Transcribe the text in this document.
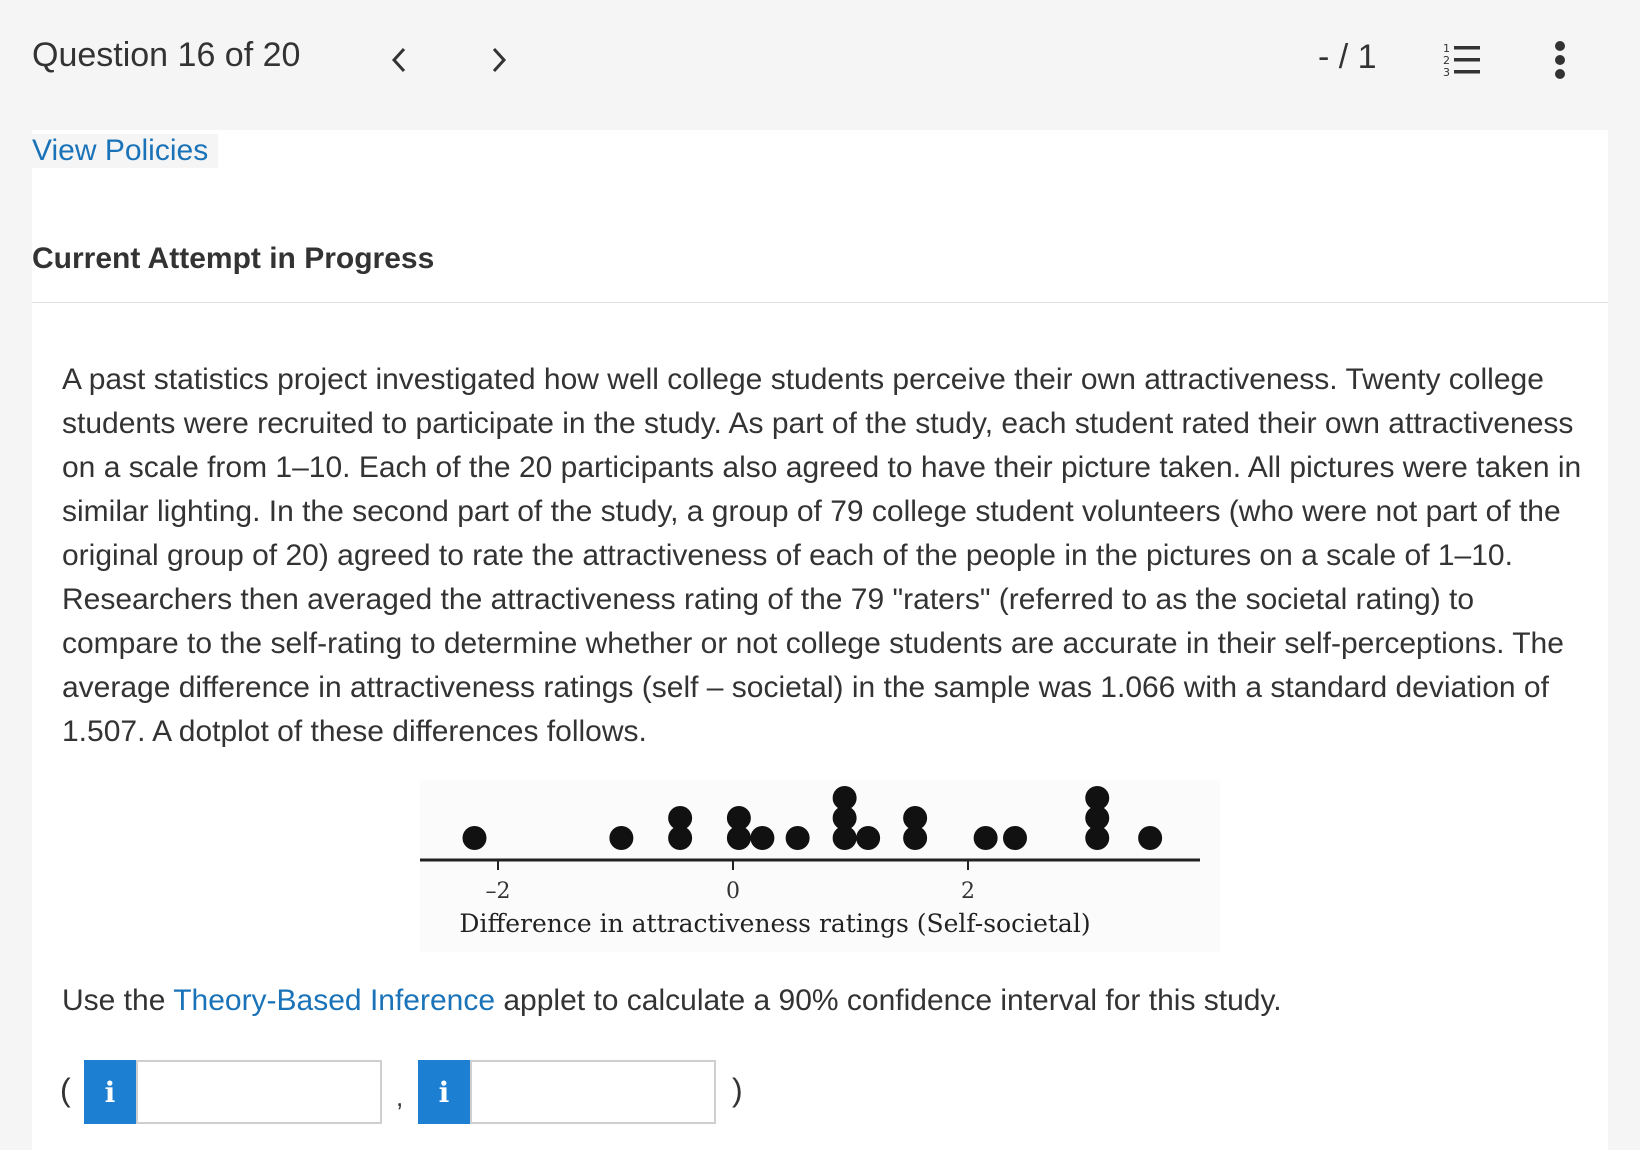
Question 16 of 20	- / 1	1
2
3
View Policies
Current Attempt in Progress
A past statistics project investigated how well college students perceive their own attractiveness. Twenty college students were recruited to participate in the study. As part of the study, each student rated their own attractiveness on a scale from 1–10. Each of the 20 participants also agreed to have their picture taken. All pictures were taken in similar lighting. In the second part of the study, a group of 79 college student volunteers (who were not part of the original group of 20) agreed to rate the attractiveness of each of the people in the pictures on a scale of 1–10. Researchers then averaged the attractiveness rating of the 79 "raters" (referred to as the societal rating) to compare to the self-rating to determine whether or not college students are accurate in their self-perceptions. The average difference in attractiveness ratings (self – societal) in the sample was 1.066 with a standard deviation of 1.507. A dotplot of these differences follows.
Difference in attractiveness ratings (Self-societal)
–2	0	2
Use the Theory-Based Inference applet to calculate a 90% confidence interval for this study.
( i	, i	)
